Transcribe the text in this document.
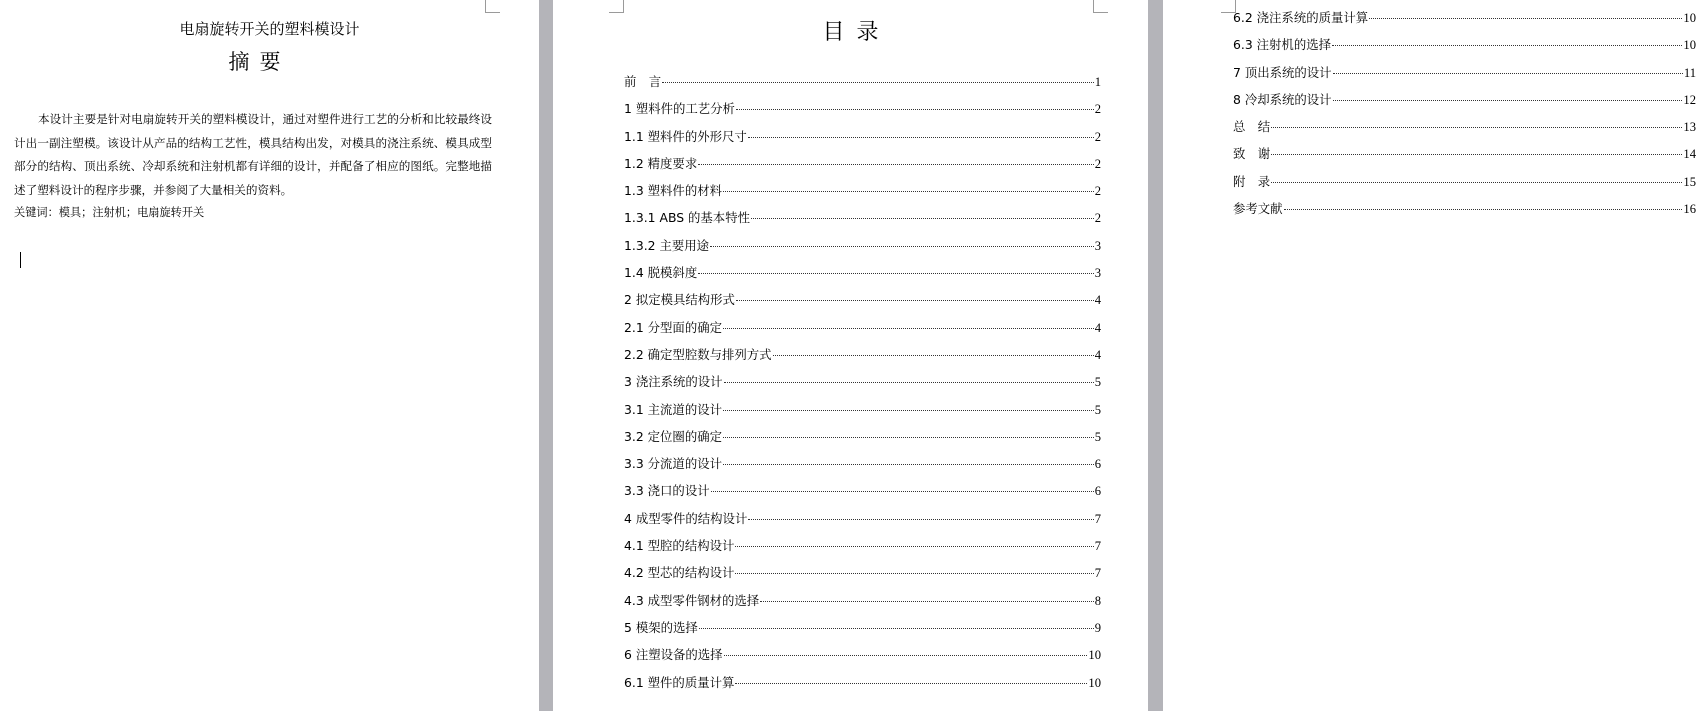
电扇旋转开关的塑料模设计
摘要

本设计主要是针对电扇旋转开关的塑料模设计，通过对塑件进行工艺的分析和比较最终设计出一副注塑模。该设计从产品的结构工艺性，模具结构出发，对模具的浇注系统、模具成型部分的结构、顶出系统、冷却系统和注射机都有详细的设计，并配备了相应的图纸。完整地描述了塑料设计的程序步骤，并参阅了大量相关的资料。

关键词：模具；注射机；电扇旋转开关
目录
前　言	1
1 塑料件的工艺分析	2
1.1 塑料件的外形尺寸	2
1.2 精度要求	2
1.3 塑料件的材料	2
1.3.1 ABS 的基本特性	2
1.3.2 主要用途	3
1.4 脱模斜度	3
2 拟定模具结构形式	4
2.1 分型面的确定	4
2.2 确定型腔数与排列方式	4
3 浇注系统的设计	5
3.1 主流道的设计	5
3.2 定位圈的确定	5
3.3 分流道的设计	6
3.3 浇口的设计	6
4 成型零件的结构设计	7
4.1 型腔的结构设计	7
4.2 型芯的结构设计	7
4.3 成型零件钢材的选择	8
5 模架的选择	9
6 注塑设备的选择	10
6.1 塑件的质量计算	10
6.2 浇注系统的质量计算	10
6.3 注射机的选择	10
7 顶出系统的设计	11
8 冷却系统的设计	12
总　结	13
致　谢	14
附　录	15
参考文献	16
